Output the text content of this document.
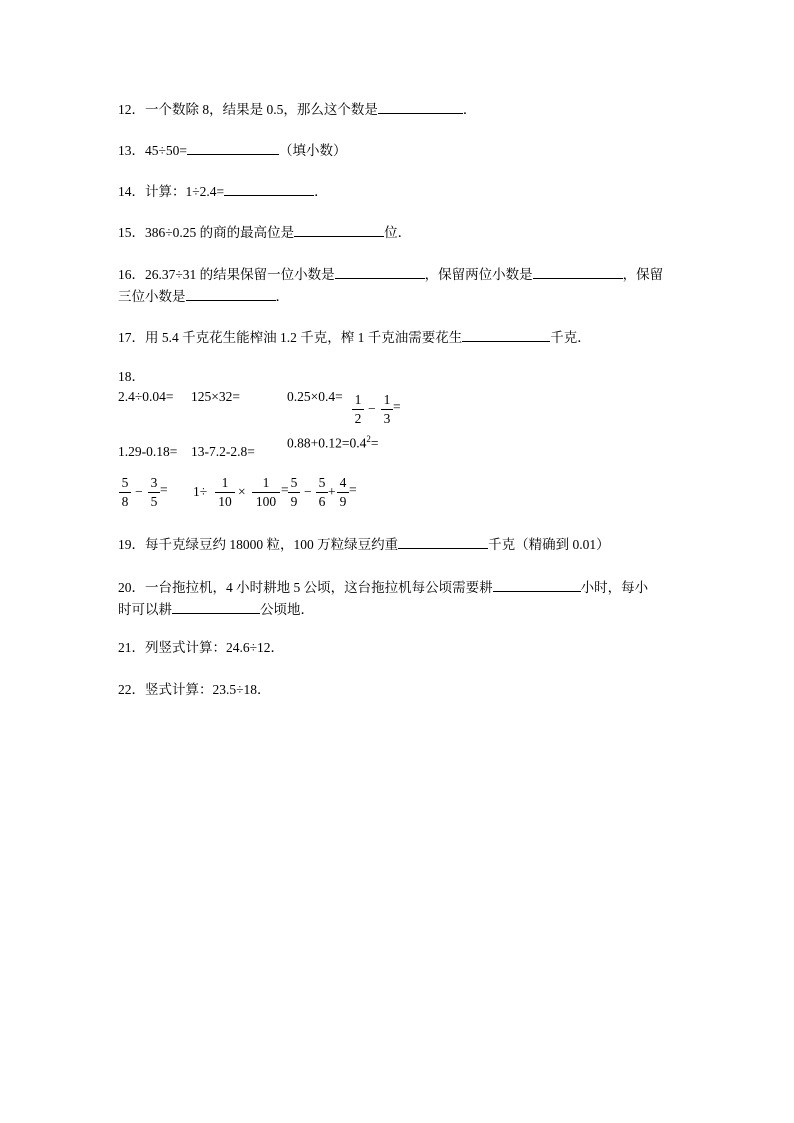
12．一个数除 8，结果是 0.5，那么这个数是	．
13．45÷50=	（填小数）
14．计算：1÷2.4=	．
15．386÷0.25 的商的最高位是	位．
16．26.37÷31 的结果保留一位小数是	，保留两位小数是	，保留
三位小数是	．
17．用 5.4 千克花生能榨油 1.2 千克，榨 1 千克油需要花生	千克．
18．
2.4÷0.04= 125×32=	0.25×0.4= 1
2
−
1
3
=
$0.88+0.12=0.4^2=$
1.29-0.18= 13-7.2-2.8=
5
8
−
3
5
= 1÷
1
10
×
1
100
= 5
9
−
5
6
+
4
9
=
19．每千克绿豆约 18000 粒，100 万粒绿豆约重	千克（精确到 0.01）
20．一台拖拉机，4 小时耕地 5 公顷，这台拖拉机每公顷需要耕	小时，每小
时可以耕	公顷地．
21．列竖式计算：24.6÷12．
22．竖式计算：23.5÷18．
